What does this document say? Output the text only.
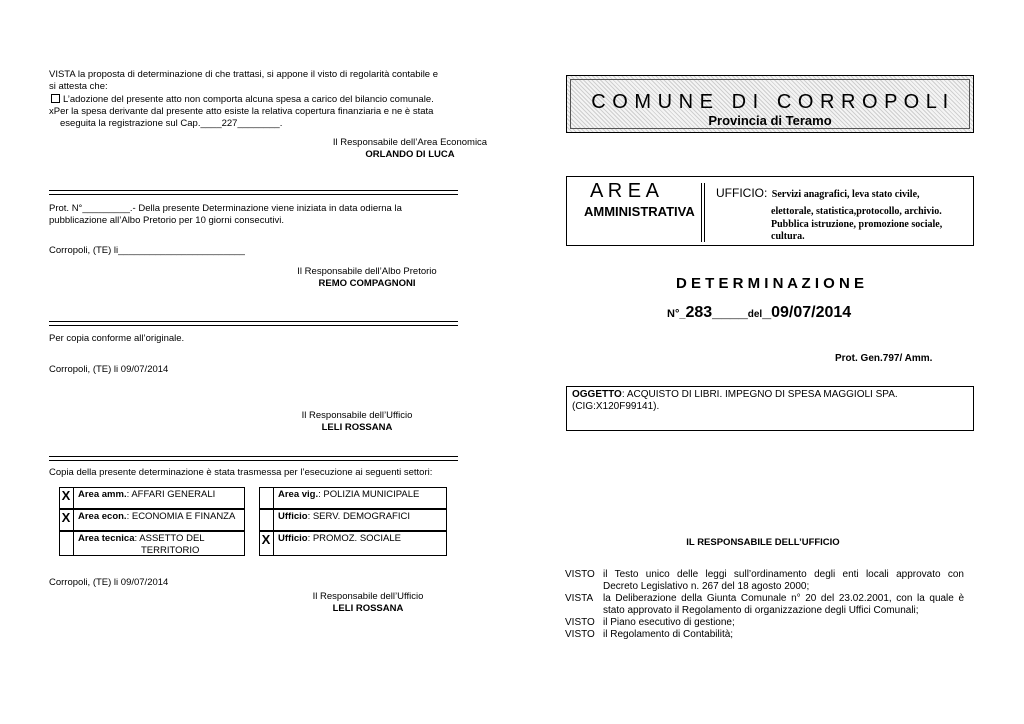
VISTA la proposta di determinazione di che trattasi, si appone il visto di regolarità contabile e
si attesta che:
L’adozione del presente atto non comporta alcuna spesa a carico del bilancio comunale.
xPer la spesa derivante dal presente atto esiste la relativa copertura finanziaria e ne è stata
eseguita la registrazione sul Cap.____227________.
Il Responsabile dell’Area Economica
ORLANDO DI LUCA
Prot. N°_________.- Della presente Determinazione viene iniziata in data odierna la
pubblicazione all’Albo Pretorio per 10 giorni consecutivi.
Corropoli, (TE) li________________________
Il Responsabile dell’Albo Pretorio
REMO COMPAGNONI
Per copia conforme all’originale.
Corropoli, (TE) li 09/07/2014
Il Responsabile dell’Ufficio
LELI ROSSANA
Copia della presente determinazione è stata trasmessa per l’esecuzione ai seguenti settori:
X Area amm.: AFFARI GENERALI
X Area econ.: ECONOMIA E FINANZA
Area tecnica: ASSETTO DEL
TERRITORIO
Area vig.: POLIZIA MUNICIPALE
Ufficio: SERV. DEMOGRAFICI
X Ufficio: PROMOZ. SOCIALE
Corropoli, (TE) li 09/07/2014
Il Responsabile dell’Ufficio
LELI ROSSANA
C O M U N E   D I   C O R R O P O L I
Provincia di Teramo
A R E A
AMMINISTRATIVA
UFFICIO: Servizi anagrafici, leva stato civile,
elettorale, statistica,protocollo, archivio.
Pubblica istruzione, promozione sociale,
cultura.
D E T E R M I N A Z I O N E
N°_283____del_09/07/2014
Prot. Gen.797/ Amm.
OGGETTO: ACQUISTO DI LIBRI. IMPEGNO DI SPESA MAGGIOLI SPA.
(CIG:X120F99141).
IL RESPONSABILE DELL’UFFICIO
VISTO il Testo unico delle leggi sull’ordinamento degli enti locali approvato con
Decreto Legislativo n. 267 del 18 agosto 2000;
VISTA la Deliberazione della Giunta Comunale n° 20 del 23.02.2001, con la quale è
stato approvato il Regolamento di organizzazione degli Uffici Comunali;
VISTO il Piano esecutivo di gestione;
VISTO il Regolamento di Contabilità;
